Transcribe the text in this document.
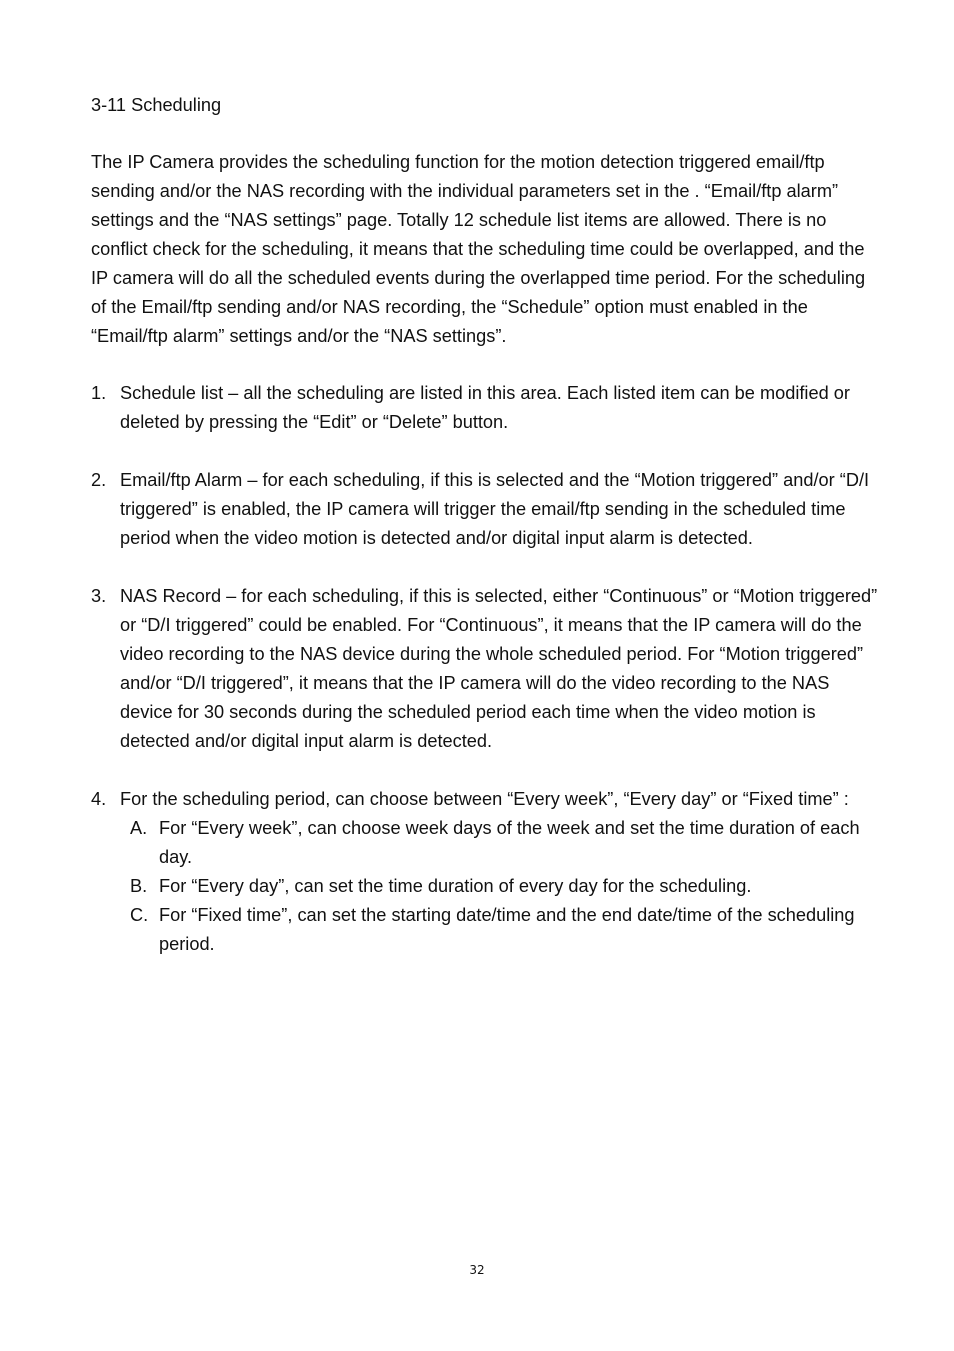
3-11 Scheduling

The IP Camera provides the scheduling function for the motion detection triggered email/ftp sending and/or the NAS recording with the individual parameters set in the . “Email/ftp alarm” settings and the “NAS settings” page. Totally 12 schedule list items are allowed. There is no conflict check for the scheduling, it means that the scheduling time could be overlapped, and the IP camera will do all the scheduled events during the overlapped time period. For the scheduling of the Email/ftp sending and/or NAS recording, the “Schedule” option must enabled in the “Email/ftp alarm” settings and/or the “NAS settings”.

1. Schedule list – all the scheduling are listed in this area. Each listed item can be modified or deleted by pressing the “Edit” or “Delete” button.
2. Email/ftp Alarm – for each scheduling, if this is selected and the “Motion triggered” and/or “D/I triggered” is enabled, the IP camera will trigger the email/ftp sending in the scheduled time period when the video motion is detected and/or digital input alarm is detected.
3. NAS Record – for each scheduling, if this is selected, either “Continuous” or “Motion triggered” or “D/I triggered” could be enabled. For “Continuous”, it means that the IP camera will do the video recording to the NAS device during the whole scheduled period. For “Motion triggered” and/or “D/I triggered”, it means that the IP camera will do the video recording to the NAS device for 30 seconds during the scheduled period each time when the video motion is detected and/or digital input alarm is detected.
4. For the scheduling period, can choose between “Every week”, “Every day” or “Fixed time” :
A. For “Every week”, can choose week days of the week and set the time duration of each day.
B. For “Every day”, can set the time duration of every day for the scheduling.
C. For “Fixed time”, can set the starting date/time and the end date/time of the scheduling period.
32
